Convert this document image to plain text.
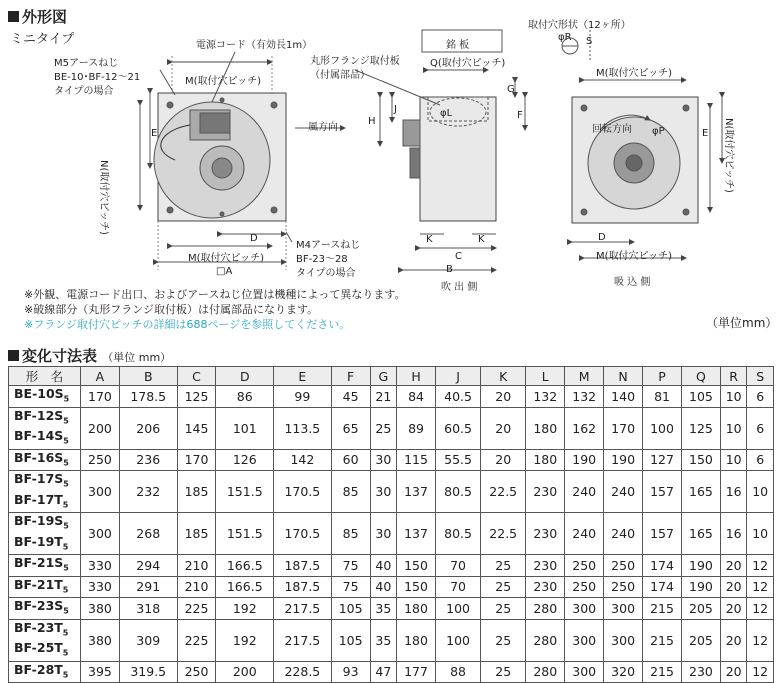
外形図
ミニタイプ
M5アースねじ
BE-10･BF-12～21
タイプの場合
電源コード（有効長1m）
M(取付穴ピッチ)
N(取付穴ピッチ)
E
風方向
D
M(取付穴ピッチ)
□A
M4アースねじ
BF-23～28
タイプの場合
丸形フランジ取付板
（付属部品）
銘 板
Q(取付穴ピッチ)
H
J	φL
G
F
K	K
C
B
吹 出 側
取付穴形状（12ヶ所）
φR S
M(取付穴ピッチ)
回転方向 φP	E N(取付穴ピッチ)
D
M(取付穴ピッチ)
吸 込 側
※外観、電源コード出口、およびアースねじ位置は機種によって異なります。
※破線部分（丸形フランジ取付板）は付属部品になります。
※フランジ取付穴ピッチの詳細は688ページを参照してください。	（単位mm）
変化寸法表 （単位 mm）
形　名	A	B	C	D	E	F	G	H	J	K	L	M	N	P	Q	R	S
$BE-10S_5$	170	178.5	125	86	99	45	21	84	40.5	20	132	132	140	81	105	10	6
$BF-12S_5$
$BF-14S_5$	200	206	145	101	113.5	65	25	89	60.5	20	180	162	170	100	125	10	6
$BF-16S_5$	250	236	170	126	142	60	30	115	55.5	20	180	190	190	127	150	10	6
$BF-17S_5$
$BF-17T_5$	300	232	185	151.5	170.5	85	30	137	80.5	22.5	230	240	240	157	165	16	10
$BF-19S_5$
$BF-19T_5$	300	268	185	151.5	170.5	85	30	137	80.5	22.5	230	240	240	157	165	16	10
$BF-21S_5$	330	294	210	166.5	187.5	75	40	150	70	25	230	250	250	174	190	20	12
$BF-21T_5$	330	291	210	166.5	187.5	75	40	150	70	25	230	250	250	174	190	20	12
$BF-23S_5$	380	318	225	192	217.5	105	35	180	100	25	280	300	300	215	205	20	12
$BF-23T_5$
$BF-25T_5$	380	309	225	192	217.5	105	35	180	100	25	280	300	300	215	205	20	12
$BF-28T_5$	395	319.5	250	200	228.5	93	47	177	88	25	280	300	320	215	230	20	12
